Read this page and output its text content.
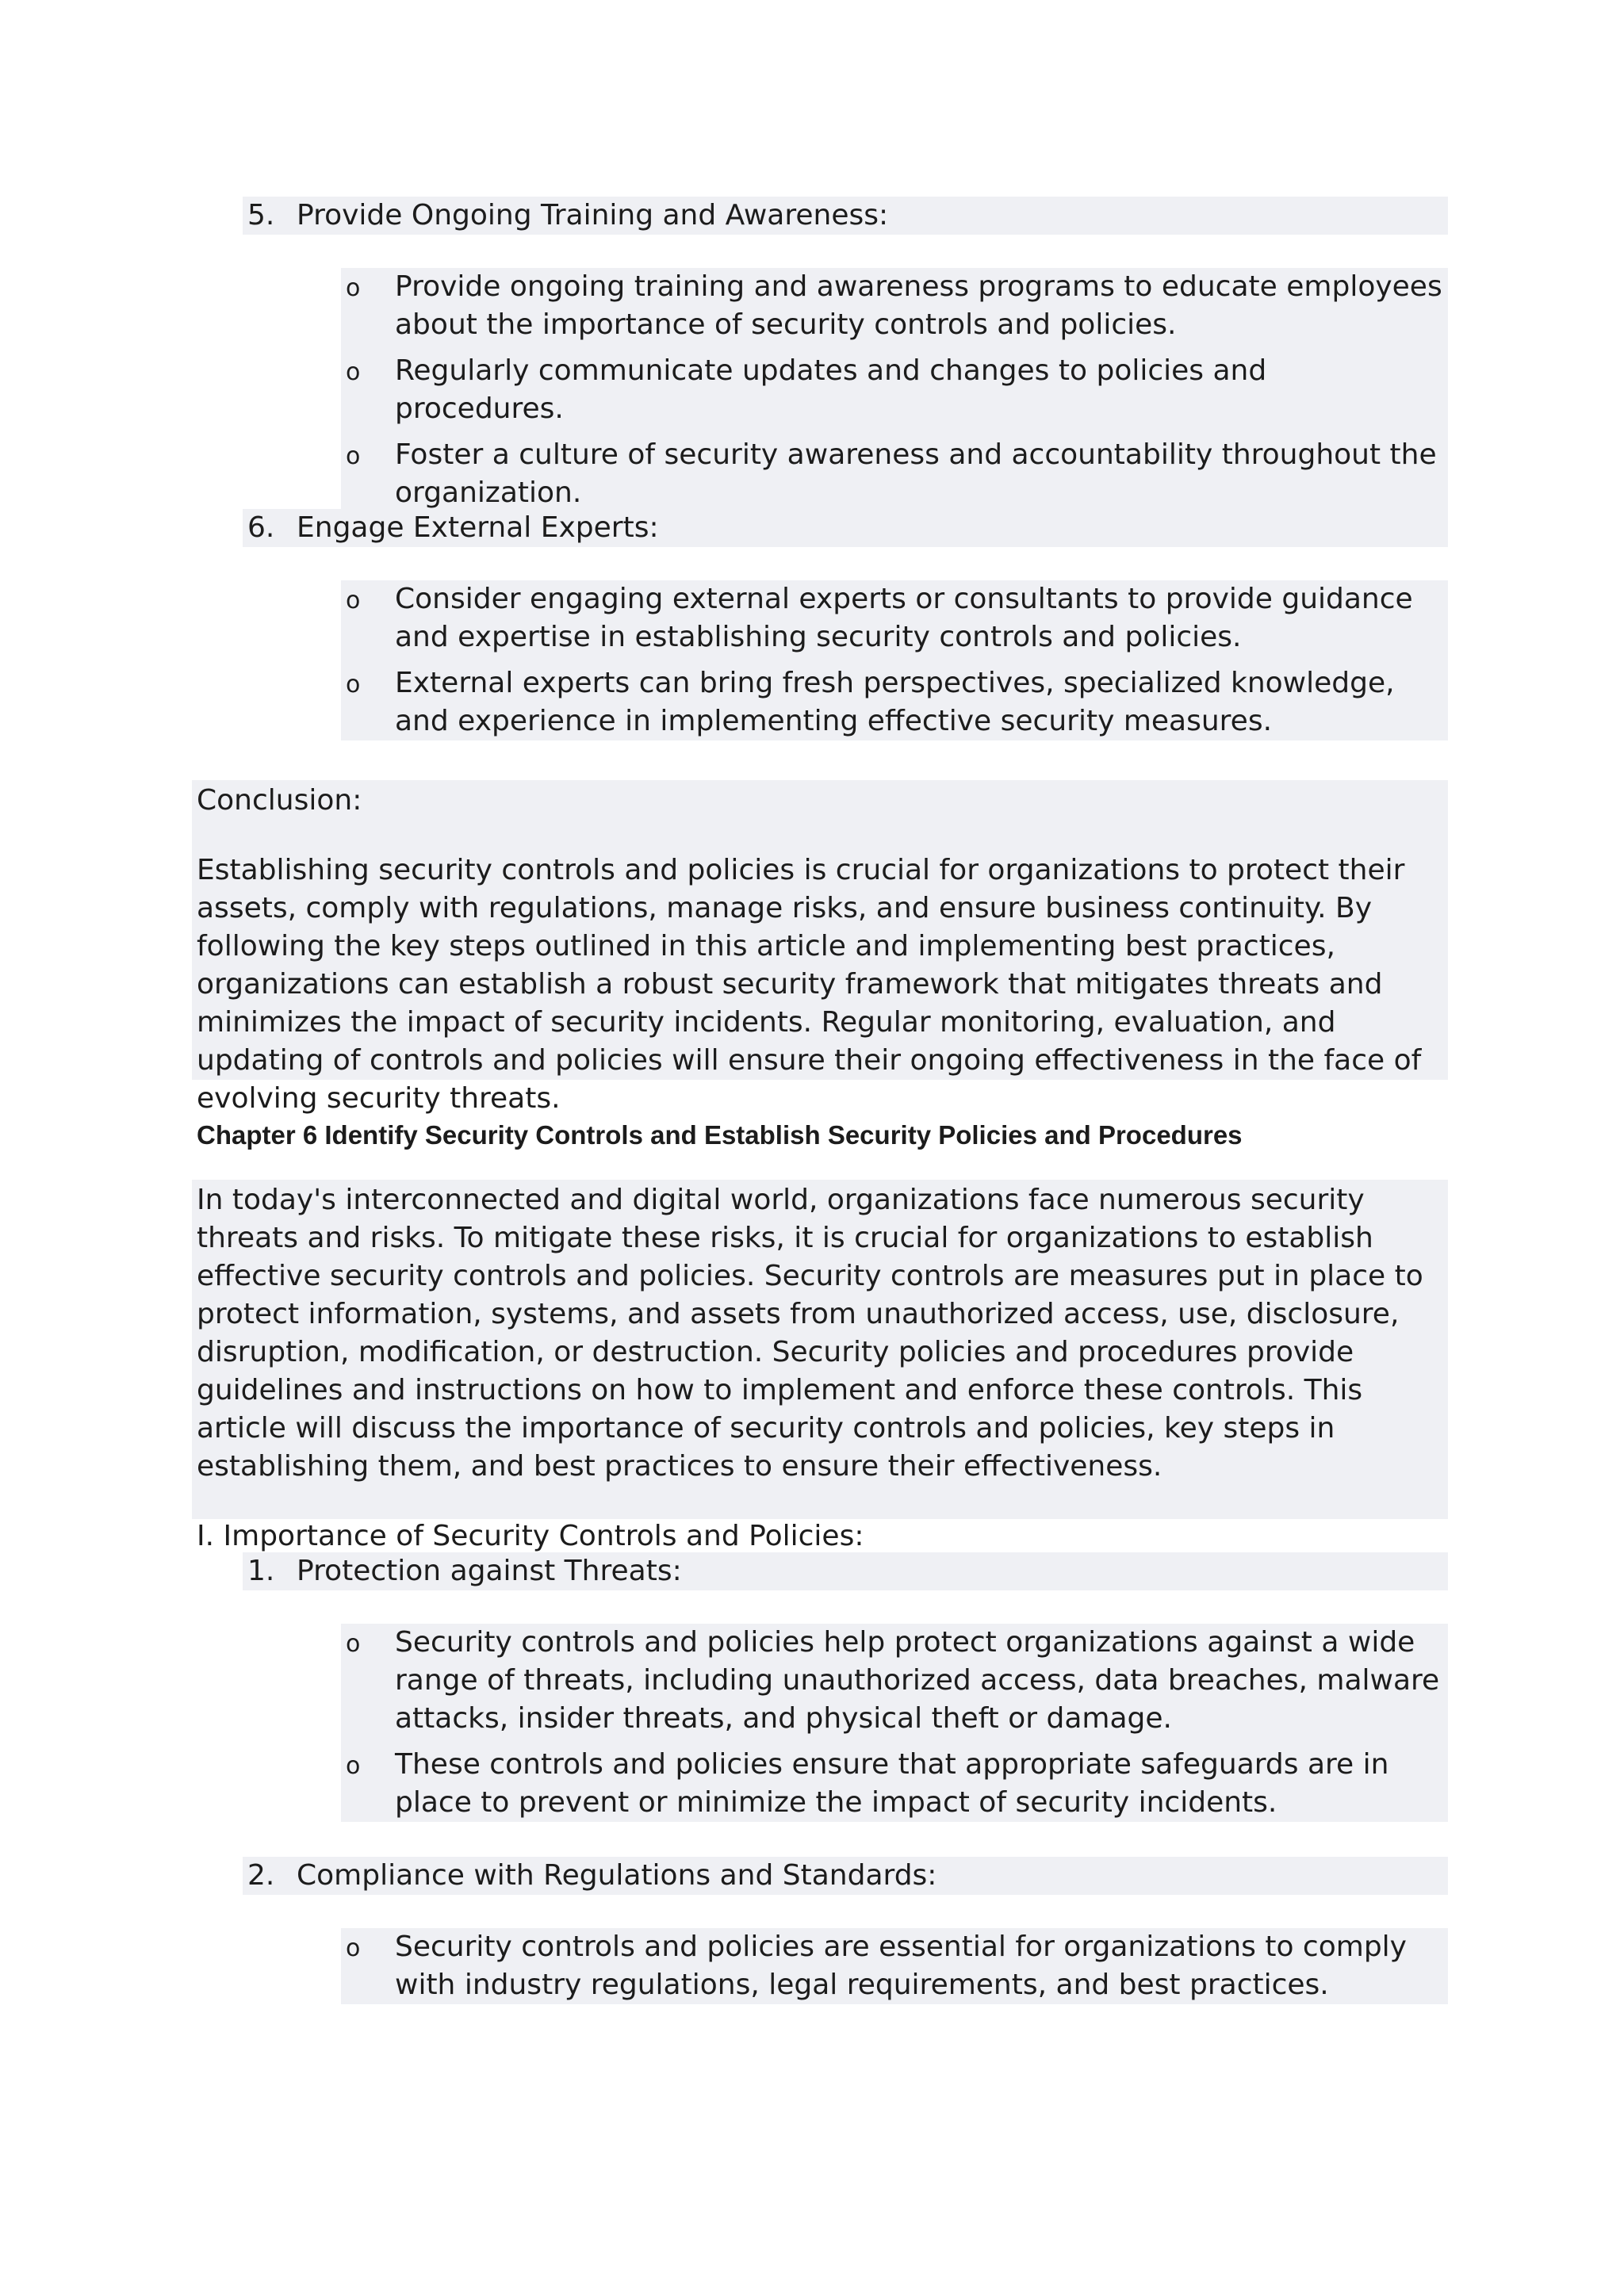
5. Provide Ongoing Training and Awareness:
o Provide ongoing training and awareness programs to educate employees about the importance of security controls and policies.
o Regularly communicate updates and changes to policies and procedures.
o Foster a culture of security awareness and accountability throughout the organization.
6. Engage External Experts:
o Consider engaging external experts or consultants to provide guidance and expertise in establishing security controls and policies.
o External experts can bring fresh perspectives, specialized knowledge, and experience in implementing effective security measures.

Conclusion:

Establishing security controls and policies is crucial for organizations to protect their assets, comply with regulations, manage risks, and ensure business continuity. By following the key steps outlined in this article and implementing best practices, organizations can establish a robust security framework that mitigates threats and minimizes the impact of security incidents. Regular monitoring, evaluation, and updating of controls and policies will ensure their ongoing effectiveness in the face of evolving security threats.

Chapter 6 Identify Security Controls and Establish Security Policies and Procedures

In today's interconnected and digital world, organizations face numerous security threats and risks. To mitigate these risks, it is crucial for organizations to establish effective security controls and policies. Security controls are measures put in place to protect information, systems, and assets from unauthorized access, use, disclosure, disruption, modification, or destruction. Security policies and procedures provide guidelines and instructions on how to implement and enforce these controls. This article will discuss the importance of security controls and policies, key steps in establishing them, and best practices to ensure their effectiveness.

I. Importance of Security Controls and Policies:

1. Protection against Threats:
o Security controls and policies help protect organizations against a wide range of threats, including unauthorized access, data breaches, malware attacks, insider threats, and physical theft or damage.
o These controls and policies ensure that appropriate safeguards are in place to prevent or minimize the impact of security incidents.
2. Compliance with Regulations and Standards:
o Security controls and policies are essential for organizations to comply with industry regulations, legal requirements, and best practices.
